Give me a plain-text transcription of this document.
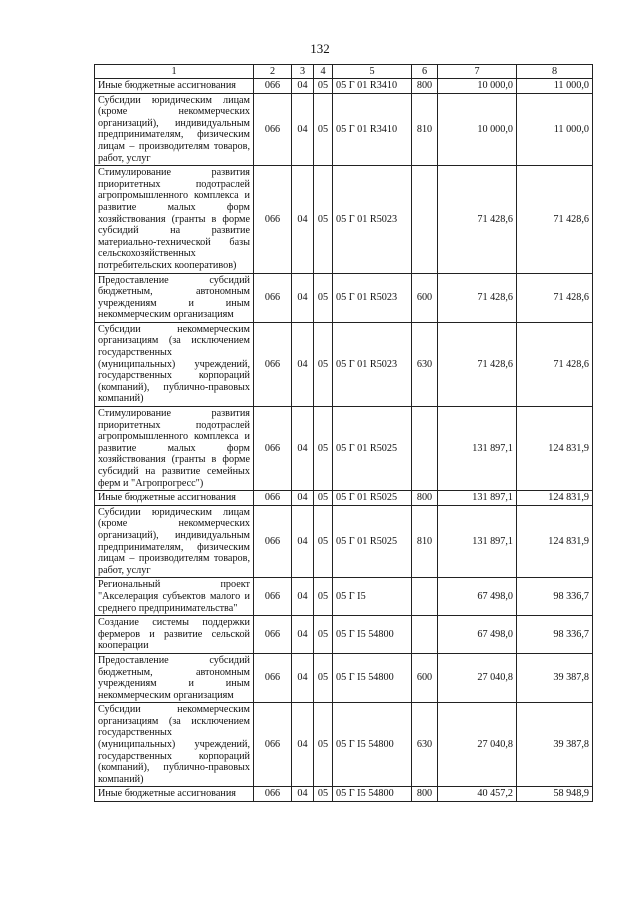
132
1	2	3	4	5	6	7	8
Иные бюджетные ассигнования	066	04	05	05 Г 01 R3410	800	10 000,0	11 000,0
Субсидии юридическим лицам (кроме некоммерческих организаций), индивидуальным предпринимателям, физическим лицам – производителям товаров, работ, услуг	066	04	05	05 Г 01 R3410	810	10 000,0	11 000,0
Стимулирование развития приоритетных подотраслей агропромышленного комплекса и развитие малых форм хозяйствования (гранты в форме субсидий на развитие материально-технической базы сельскохозяйственных потребительских кооперативов)	066	04	05	05 Г 01 R5023		71 428,6	71 428,6
Предоставление субсидий бюджетным, автономным учреждениям и иным некоммерческим организациям	066	04	05	05 Г 01 R5023	600	71 428,6	71 428,6
Субсидии некоммерческим организациям (за исключением государственных (муниципальных) учреждений, государственных корпораций (компаний), публично-правовых компаний)	066	04	05	05 Г 01 R5023	630	71 428,6	71 428,6
Стимулирование развития приоритетных подотраслей агропромышленного комплекса и развитие малых форм хозяйствования (гранты в форме субсидий на развитие семейных ферм и "Агропрогресс")	066	04	05	05 Г 01 R5025		131 897,1	124 831,9
Иные бюджетные ассигнования	066	04	05	05 Г 01 R5025	800	131 897,1	124 831,9
Субсидии юридическим лицам (кроме некоммерческих организаций), индивидуальным предпринимателям, физическим лицам – производителям товаров, работ, услуг	066	04	05	05 Г 01 R5025	810	131 897,1	124 831,9
Региональный проект "Акселерация субъектов малого и среднего предпринимательства"	066	04	05	05 Г I5		67 498,0	98 336,7
Создание системы поддержки фермеров и развитие сельской кооперации	066	04	05	05 Г I5 54800		67 498,0	98 336,7
Предоставление субсидий бюджетным, автономным учреждениям и иным некоммерческим организациям	066	04	05	05 Г I5 54800	600	27 040,8	39 387,8
Субсидии некоммерческим организациям (за исключением государственных (муниципальных) учреждений, государственных корпораций (компаний), публично-правовых компаний)	066	04	05	05 Г I5 54800	630	27 040,8	39 387,8
Иные бюджетные ассигнования	066	04	05	05 Г I5 54800	800	40 457,2	58 948,9
